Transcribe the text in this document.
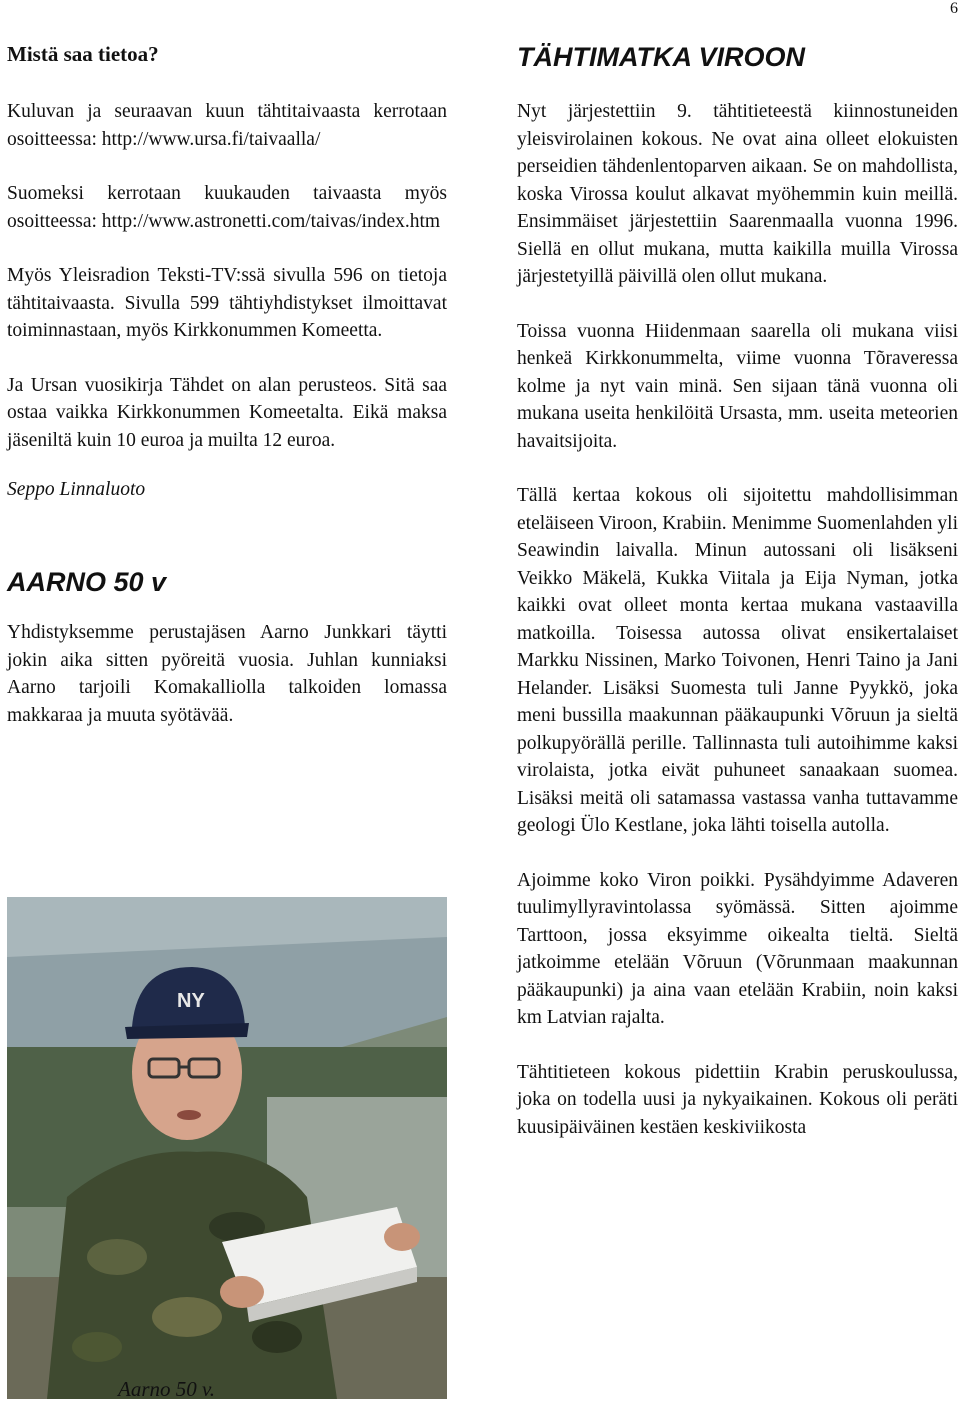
6
Mistä saa tietoa?

Kuluvan ja seuraavan kuun tähtitaivaasta kerrotaan osoitteessa: http://www.ursa.fi/taivaalla/

Suomeksi kerrotaan kuukauden taivaasta myös osoitteessa: http://www.astronetti.com/taivas/index.htm

Myös Yleisradion Teksti-TV:ssä sivulla 596 on tietoja tähtitaivaasta. Sivulla 599 tähtiyhdistykset ilmoittavat toiminnastaan, myös Kirkkonummen Komeetta.

Ja Ursan vuosikirja Tähdet on alan perusteos. Sitä saa ostaa vaikka Kirkkonummen Komeetalta. Eikä maksa jäseniltä kuin 10 euroa ja muilta 12 euroa.

Seppo Linnaluoto
AARNO 50 v

Yhdistyksemme perustajäsen Aarno Junkkari täytti jokin aika sitten pyöreitä vuosia. Juhlan kunniaksi Aarno tarjoili Komakalliolla talkoiden lomassa makkaraa ja muuta syötävää.

NY
Aarno 50 v.
TÄHTIMATKA VIROON

Nyt järjestettiin 9. tähtitieteestä kiinnostuneiden yleisvirolainen kokous. Ne ovat aina olleet elokuisten perseidien tähdenlentoparven aikaan. Se on mahdollista, koska Virossa koulut alkavat myöhemmin kuin meillä. Ensimmäiset järjestettiin Saarenmaalla vuonna 1996. Siellä en ollut mukana, mutta kaikilla muilla Virossa järjestetyillä päivillä olen ollut mukana.

Toissa vuonna Hiidenmaan saarella oli mukana viisi henkeä Kirkkonummelta, viime vuonna Tõraveressa kolme ja nyt vain minä. Sen sijaan tänä vuonna oli mukana useita henkilöitä Ursasta, mm. useita meteorien havaitsijoita.

Tällä kertaa kokous oli sijoitettu mahdollisimman eteläiseen Viroon, Krabiin. Menimme Suomenlahden yli Seawindin laivalla. Minun autossani oli lisäkseni Veikko Mäkelä, Kukka Viitala ja Eija Nyman, jotka kaikki ovat olleet monta kertaa mukana vastaavilla matkoilla. Toisessa autossa olivat ensikertalaiset Markku Nissinen, Marko Toivonen, Henri Taino ja Jani Helander. Lisäksi Suomesta tuli Janne Pyykkö, joka meni bussilla maakunnan pääkaupunki Võruun ja sieltä polkupyörällä perille. Tallinnasta tuli autoihimme kaksi virolaista, jotka eivät puhuneet sanaakaan suomea. Lisäksi meitä oli satamassa vastassa vanha tuttavamme geologi Ülo Kestlane, joka lähti toisella autolla.

Ajoimme koko Viron poikki. Pysähdyimme Adaveren tuulimyllyravintolassa syömässä. Sitten ajoimme Tarttoon, jossa eksyimme oikealta tieltä. Sieltä jatkoimme etelään Võruun (Võrunmaan maakunnan pääkaupunki) ja aina vaan etelään Krabiin, noin kaksi km Latvian rajalta.

Tähtitieteen kokous pidettiin Krabin peruskoulussa, joka on todella uusi ja nykyaikainen. Kokous oli peräti kuusipäiväinen kestäen keskiviikosta
